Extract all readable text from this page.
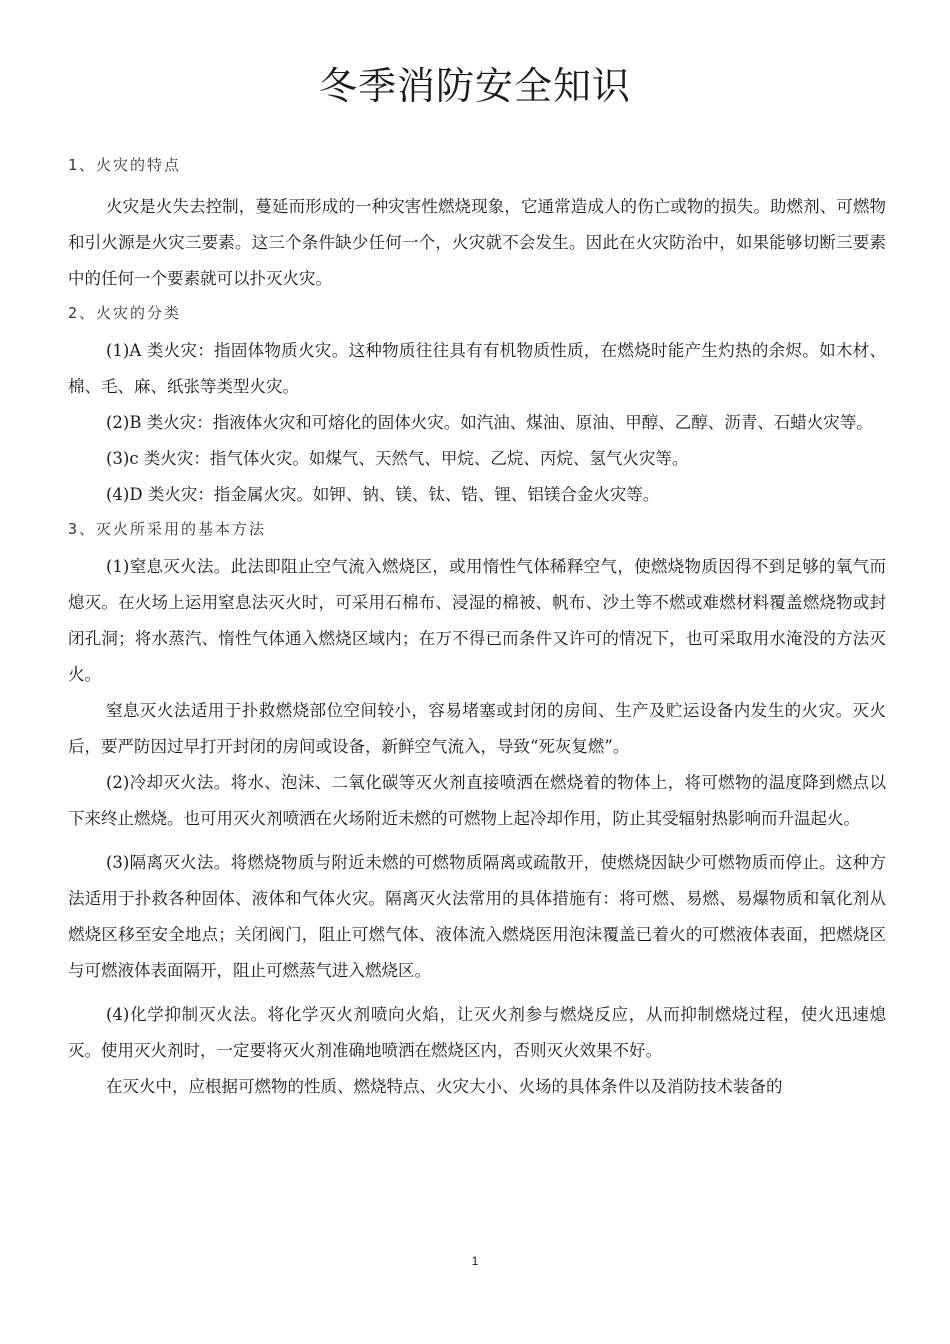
冬季消防安全知识
1、火灾的特点
火灾是火失去控制，蔓延而形成的一种灾害性燃烧现象，它通常造成人的伤亡或物的损失。助燃剂、可燃物和引火源是火灾三要素。这三个条件缺少任何一个，火灾就不会发生。因此在火灾防治中，如果能够切断三要素中的任何一个要素就可以扑灭火灾。
2、火灾的分类
(1)A 类火灾：指固体物质火灾。这种物质往往具有有机物质性质，在燃烧时能产生灼热的余烬。如木材、棉、毛、麻、纸张等类型火灾。
(2)B 类火灾：指液体火灾和可熔化的固体火灾。如汽油、煤油、原油、甲醇、乙醇、沥青、石蜡火灾等。
(3)c 类火灾：指气体火灾。如煤气、天然气、甲烷、乙烷、丙烷、氢气火灾等。
(4)D 类火灾：指金属火灾。如钾、钠、镁、钛、锆、锂、铝镁合金火灾等。
3、灭火所采用的基本方法
(1)窒息灭火法。此法即阻止空气流入燃烧区，或用惰性气体稀释空气，使燃烧物质因得不到足够的氧气而熄灭。在火场上运用窒息法灭火时，可采用石棉布、浸湿的棉被、帆布、沙土等不燃或难燃材料覆盖燃烧物或封闭孔洞；将水蒸汽、惰性气体通入燃烧区域内；在万不得已而条件又许可的情况下，也可采取用水淹没的方法灭火。
窒息灭火法适用于扑救燃烧部位空间较小，容易堵塞或封闭的房间、生产及贮运设备内发生的火灾。灭火后，要严防因过早打开封闭的房间或设备，新鲜空气流入，导致“死灰复燃”。
(2)冷却灭火法。将水、泡沫、二氧化碳等灭火剂直接喷洒在燃烧着的物体上，将可燃物的温度降到燃点以下来终止燃烧。也可用灭火剂喷洒在火场附近未燃的可燃物上起冷却作用，防止其受辐射热影响而升温起火。
(3)隔离灭火法。将燃烧物质与附近未燃的可燃物质隔离或疏散开，使燃烧因缺少可燃物质而停止。这种方法适用于扑救各种固体、液体和气体火灾。隔离灭火法常用的具体措施有：将可燃、易燃、易爆物质和氧化剂从燃烧区移至安全地点；关闭阀门，阻止可燃气体、液体流入燃烧医用泡沫覆盖已着火的可燃液体表面，把燃烧区与可燃液体表面隔开，阻止可燃蒸气进入燃烧区。
(4)化学抑制灭火法。将化学灭火剂喷向火焰，让灭火剂参与燃烧反应，从而抑制燃烧过程，使火迅速熄灭。使用灭火剂时，一定要将灭火剂准确地喷洒在燃烧区内，否则灭火效果不好。
在灭火中，应根据可燃物的性质、燃烧特点、火灾大小、火场的具体条件以及消防技术装备的
1
